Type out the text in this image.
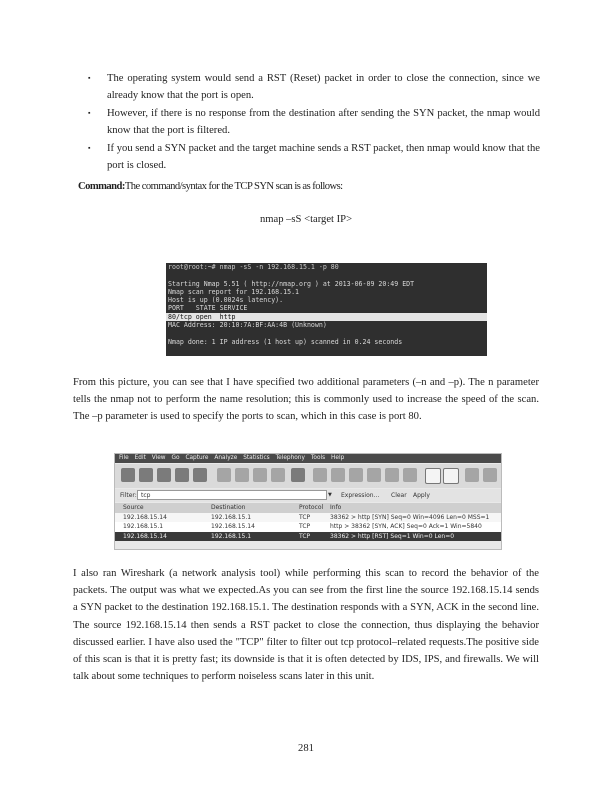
▪	The operating system would send a RST (Reset) packet in order to close the connection, since we already know that the port is open.
▪	However, if there is no response from the destination after sending the SYN packet, the nmap would know that the port is filtered.
▪	If you send a SYN packet and the target machine sends a RST packet, then nmap would know that the port is closed.
Command:The command/syntax for the TCP SYN scan is as follows:
nmap –sS <target IP>
root@root:~# nmap -sS -n 192.168.15.1 -p 80
Starting Nmap 5.51 ( http://nmap.org ) at 2013-06-09 20:49 EDT
Nmap scan report for 192.168.15.1
Host is up (0.0024s latency).
PORT   STATE SERVICE
80/tcp open  http
MAC Address: 20:10:7A:BF:AA:4B (Unknown)
Nmap done: 1 IP address (1 host up) scanned in 0.24 seconds
From this picture, you can see that I have specified two additional parameters (–n and –p). The n parameter tells the nmap not to perform the name resolution; this is commonly used to increase the speed of the scan. The –p parameter is used to specify the ports to scan, which in this case is port 80.
File Edit View Go Capture Analyze Statistics Telephony Tools Help
Filter: tcp	▼ Expression... Clear Apply
Source	Destination	Protocol Info
192.168.15.14	192.168.15.1	TCP	38362 > http [SYN] Seq=0 Win=4096 Len=0 MSS=1
192.168.15.1	192.168.15.14	TCP	http > 38362 [SYN, ACK] Seq=0 Ack=1 Win=5840
192.168.15.14	192.168.15.1	TCP	38362 > http [RST] Seq=1 Win=0 Len=0
I also ran Wireshark (a network analysis tool) while performing this scan to record the behavior of the packets. The output was what we expected.As you can see from the first line the source 192.168.15.14 sends a SYN packet to the destination 192.168.15.1. The destination responds with a SYN, ACK in the second line. The source 192.168.15.14 then sends a RST packet to close the connection, thus displaying the behavior discussed earlier. I have also used the "TCP" filter to filter out tcp protocol–related requests.The positive side of this scan is that it is pretty fast; its downside is that it is often detected by IDS, IPS, and firewalls. We will talk about some techniques to perform noiseless scans later in this unit.
281
